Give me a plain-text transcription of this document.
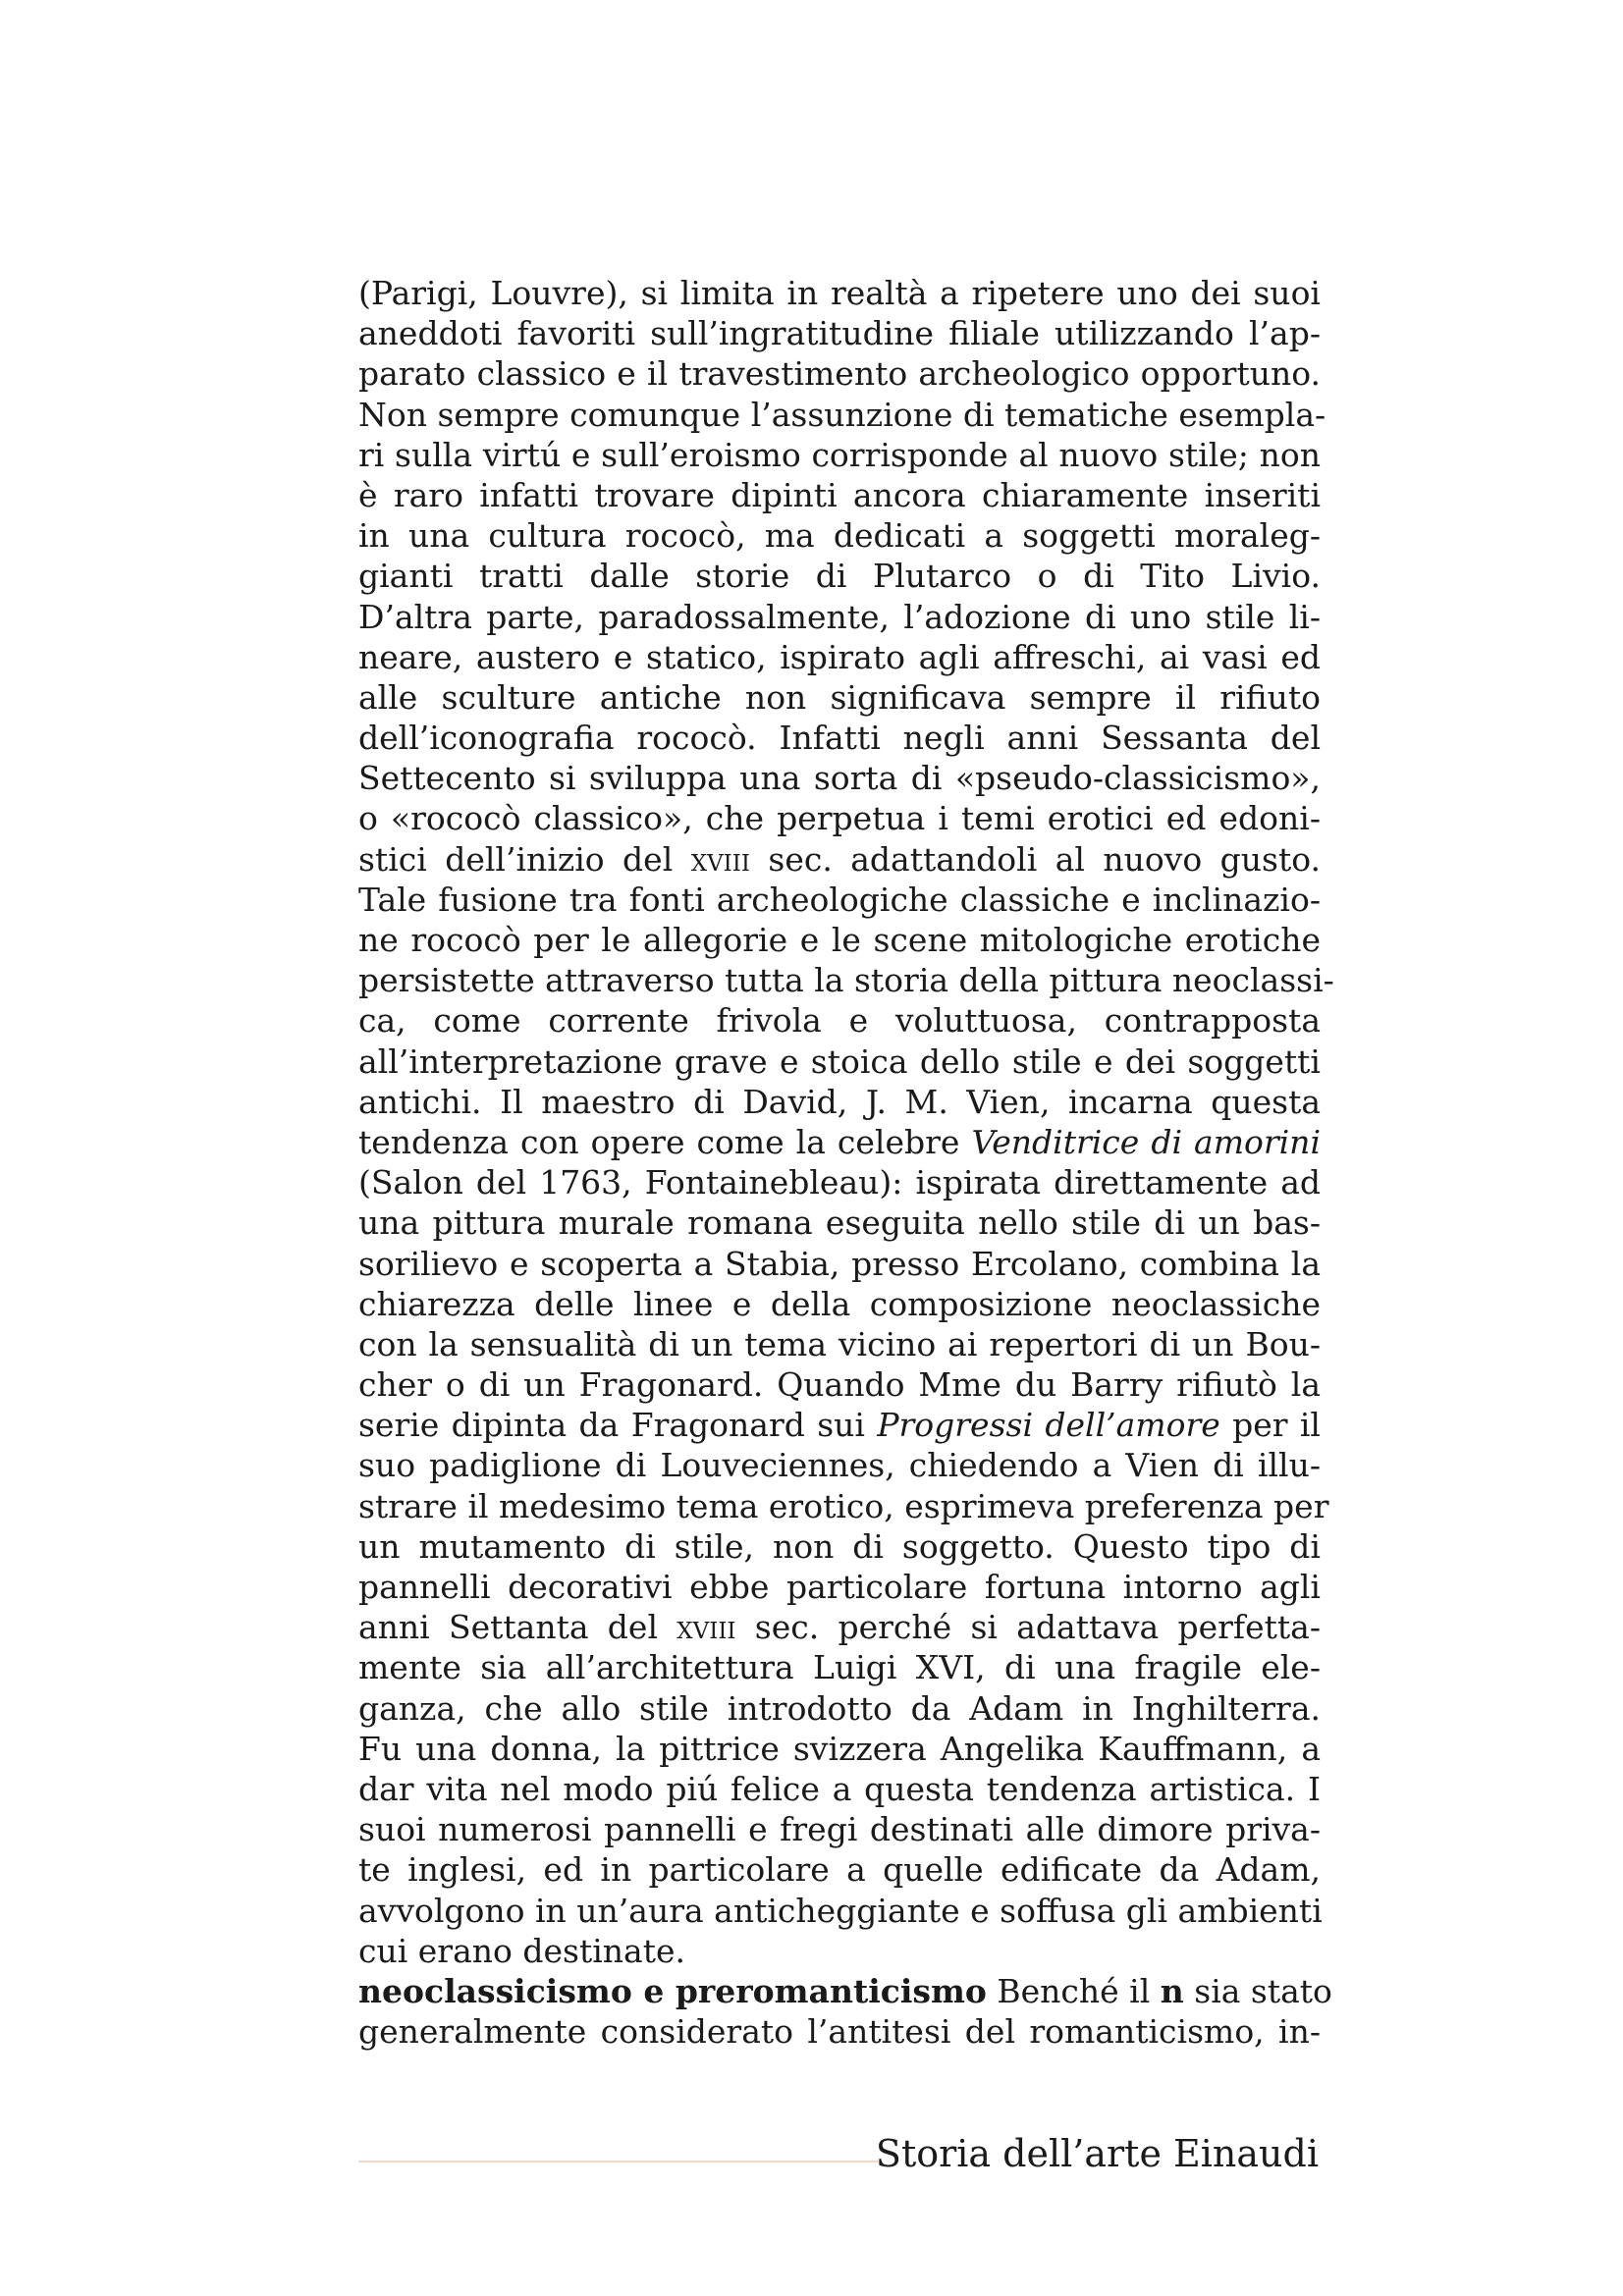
(Parigi, Louvre), si limita in realtà a ripetere uno dei suoi
aneddoti favoriti sull’ingratitudine filiale utilizzando l’ap-
parato classico e il travestimento archeologico opportuno.
Non sempre comunque l’assunzione di tematiche esempla-
ri sulla virtú e sull’eroismo corrisponde al nuovo stile; non
è raro infatti trovare dipinti ancora chiaramente inseriti
in una cultura rococò, ma dedicati a soggetti moraleg-
gianti tratti dalle storie di Plutarco o di Tito Livio.
D’altra parte, paradossalmente, l’adozione di uno stile li-
neare, austero e statico, ispirato agli affreschi, ai vasi ed
alle sculture antiche non significava sempre il rifiuto
dell’iconografia rococò. Infatti negli anni Sessanta del
Settecento si sviluppa una sorta di «pseudo-classicismo»,
o «rococò classico», che perpetua i temi erotici ed edoni-
stici dell’inizio del xviii sec. adattandoli al nuovo gusto.
Tale fusione tra fonti archeologiche classiche e inclinazio-
ne rococò per le allegorie e le scene mitologiche erotiche
persistette attraverso tutta la storia della pittura neoclassi-
ca, come corrente frivola e voluttuosa, contrapposta
all’interpretazione grave e stoica dello stile e dei soggetti
antichi. Il maestro di David, J. M. Vien, incarna questa
tendenza con opere come la celebre Venditrice di amorini
(Salon del 1763, Fontainebleau): ispirata direttamente ad
una pittura murale romana eseguita nello stile di un bas-
sorilievo e scoperta a Stabia, presso Ercolano, combina la
chiarezza delle linee e della composizione neoclassiche
con la sensualità di un tema vicino ai repertori di un Bou-
cher o di un Fragonard. Quando Mme du Barry rifiutò la
serie dipinta da Fragonard sui Progressi dell’amore per il
suo padiglione di Louveciennes, chiedendo a Vien di illu-
strare il medesimo tema erotico, esprimeva preferenza per
un mutamento di stile, non di soggetto. Questo tipo di
pannelli decorativi ebbe particolare fortuna intorno agli
anni Settanta del xviii sec. perché si adattava perfetta-
mente sia all’architettura Luigi XVI, di una fragile ele-
ganza, che allo stile introdotto da Adam in Inghilterra.
Fu una donna, la pittrice svizzera Angelika Kauffmann, a
dar vita nel modo piú felice a questa tendenza artistica. I
suoi numerosi pannelli e fregi destinati alle dimore priva-
te inglesi, ed in particolare a quelle edificate da Adam,
avvolgono in un’aura anticheggiante e soffusa gli ambienti
cui erano destinate.
neoclassicismo e preromanticismo Benché il n sia stato
generalmente considerato l’antitesi del romanticismo, in-
Storia dell’arte Einaudi
